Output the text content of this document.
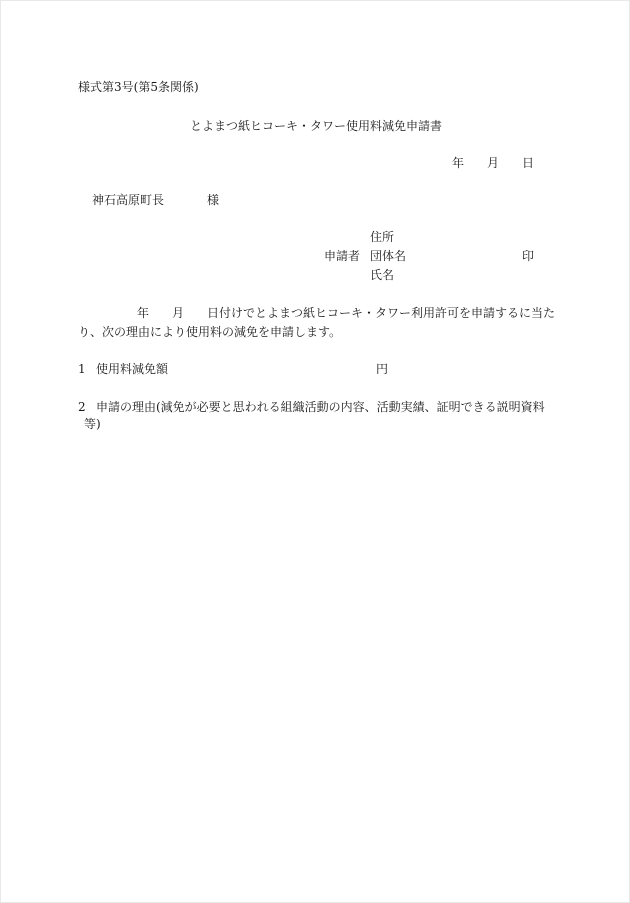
様式第3号(第5条関係)
とよまつ紙ヒコーキ・タワー使用料減免申請書
年 月 日
神石高原町長	様
住所
申請者 団体名	印
氏名
年 月 日付けでとよまつ紙ヒコーキ・タワー利用許可を申請するに当た
り、次の理由により使用料の減免を申請します。
1 使用料減免額	円
2 申請の理由(減免が必要と思われる組織活動の内容、活動実績、証明できる説明資料
等)
